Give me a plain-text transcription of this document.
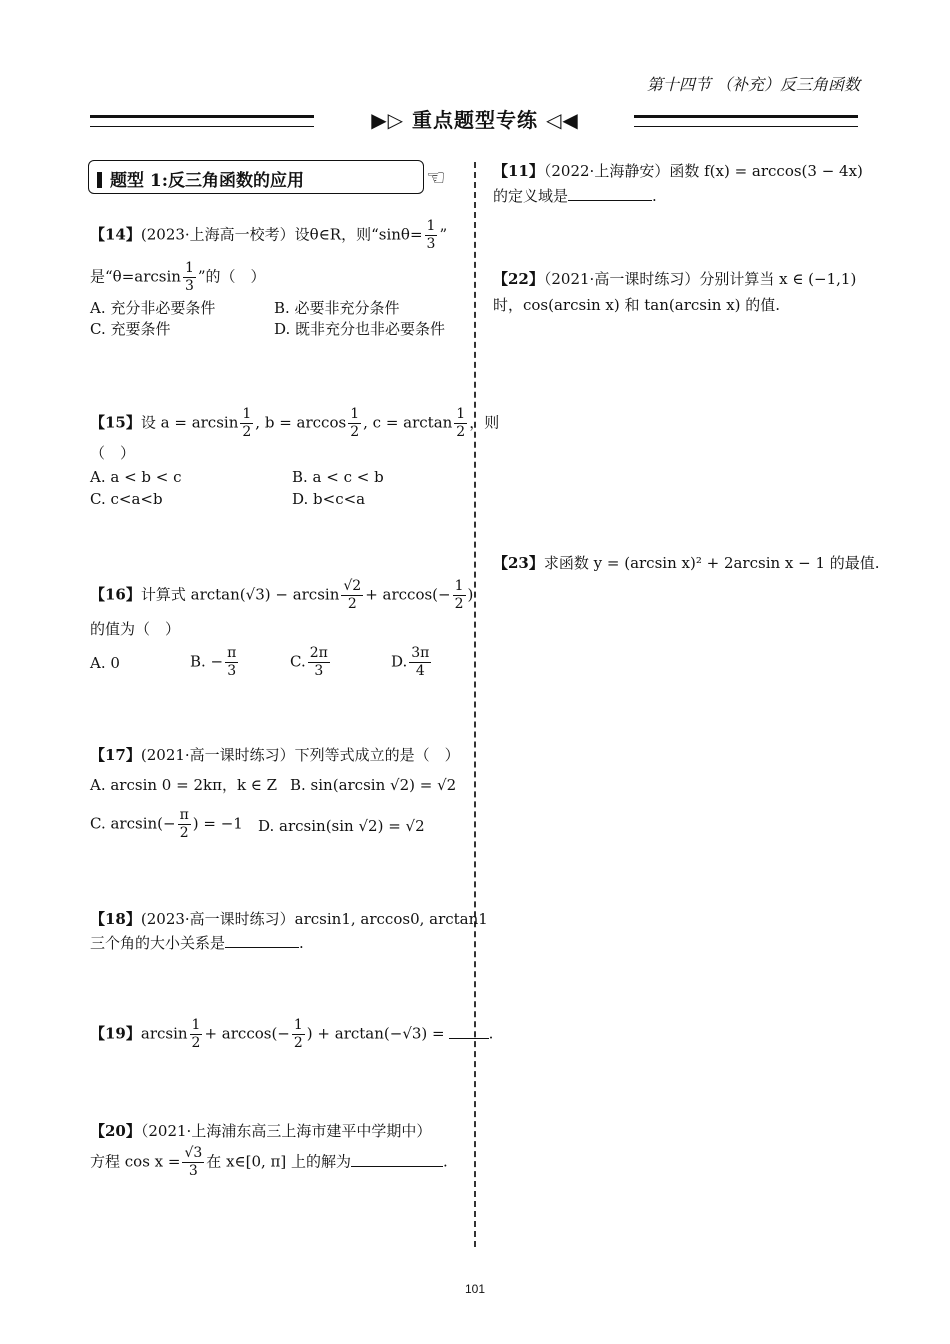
第十四节 （补充）反三角函数
▶▷ 重点题型专练 ◁◀
题型 1:反三角函数的应用	☜
【14】(2023·上海高一校考）设θ∈R，则“$\sin\theta= \frac{1}{3}$ ”
是“$\theta=\arcsin \frac{1}{3}$ ”的（　）
A. 充分非必要条件	B. 必要非充分条件
C. 充要条件	D. 既非充分也非必要条件
【15】设 $a = \arcsin \frac{1}{2}$ , $b = \arccos \frac{1}{2}$ , $c = \arctan \frac{1}{2}$ ，则
（　）
A. a < b < c	B. a < c < b
C. c<a<b	D. b<c<a
【16】计算式 $\arctan(√3) - \arcsin \frac{√2}{2} + \arccos(- \frac{1}{2}$ )
的值为（　）
A. 0	B. − $\frac{\pi}{3}$	C. $\frac{2\pi}{3}$	D. $\frac{3\pi}{4}$
【17】(2021·高一课时练习）下列等式成立的是（　）
A. arcsin 0 = 2kπ，k ∈ Z B. sin(arcsin √2) = √2
C. $\arcsin(- \frac{\pi}{2}$ ) = −1 D. arcsin(sin √2) = √2
【18】(2023·高一课时练习）arcsin1, arccos0, arctan1
三个角的大小关系是	.
【19】$\arcsin \frac{1}{2} + \arccos(- \frac{1}{2}$ ) + arctan(−√3) =	.
【20】（2021·上海浦东高三上海市建平中学期中）
方程 $\cos x = \frac{√3}{3}$ 在 x∈[0, π] 上的解为	.
【11】（2022·上海静安）函数 f(x) = arccos(3 − 4x)
的定义域是	.
【22】（2021·高一课时练习）分别计算当 x ∈ (−1,1)
时，cos(arcsin x) 和 tan(arcsin x) 的值.
【23】求函数 y = (arcsin x)² + 2arcsin x − 1 的最值.
101
